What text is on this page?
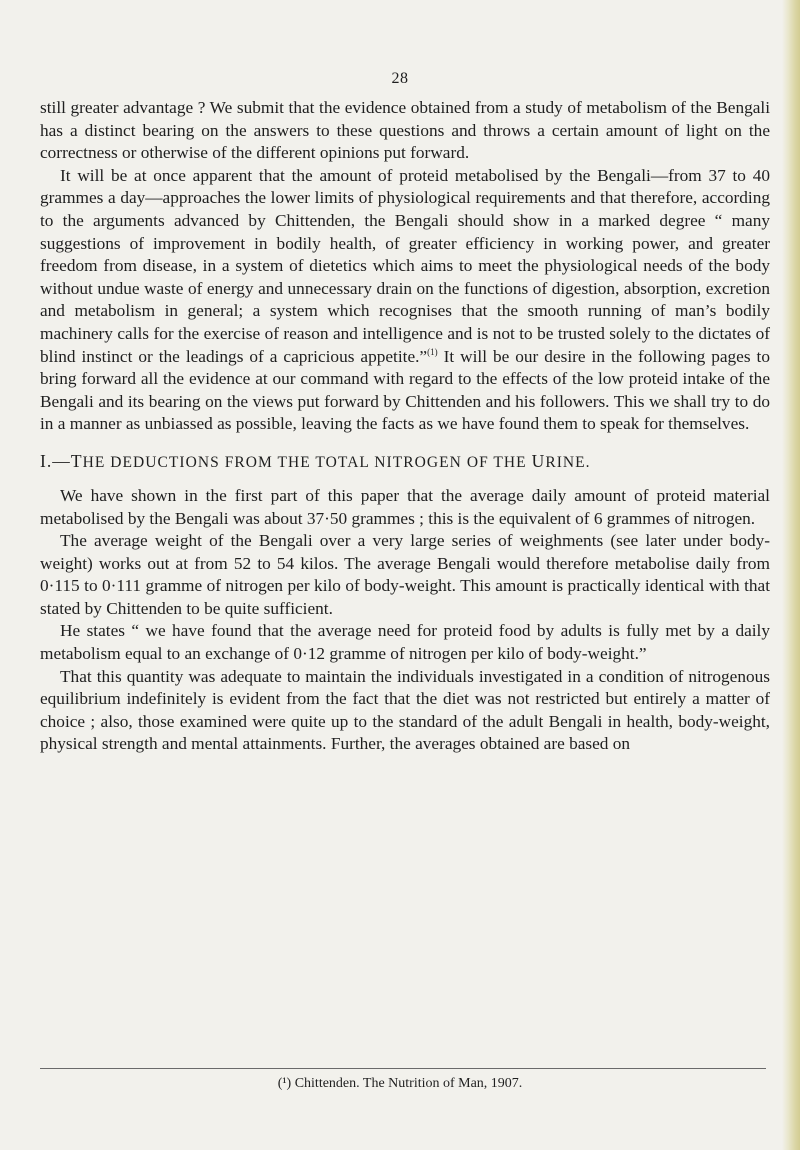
28

still greater advantage ? We submit that the evidence obtained from a study of metabolism of the Bengali has a distinct bearing on the answers to these questions and throws a certain amount of light on the correctness or otherwise of the different opinions put forward.

It will be at once apparent that the amount of proteid metabolised by the Bengali—from 37 to 40 grammes a day—approaches the lower limits of physiological requirements and that therefore, according to the arguments advanced by Chittenden, the Bengali should show in a marked degree “ many suggestions of improvement in bodily health, of greater efficiency in working power, and greater freedom from disease, in a system of dietetics which aims to meet the physiological needs of the body without undue waste of energy and unnecessary drain on the functions of digestion, absorption, excretion and metabolism in general; a system which recognises that the smooth running of man’s bodily machinery calls for the exercise of reason and intelligence and is not to be trusted solely to the dictates of blind instinct or the leadings of a capricious appetite.”$^{(1)}$ It will be our desire in the following pages to bring forward all the evidence at our command with regard to the effects of the low proteid intake of the Bengali and its bearing on the views put forward by Chittenden and his followers. This we shall try to do in a manner as unbiassed as possible, leaving the facts as we have found them to speak for themselves.

I.—THE DEDUCTIONS FROM THE TOTAL NITROGEN OF THE URINE.

We have shown in the first part of this paper that the average daily amount of proteid material metabolised by the Bengali was about 37·50 grammes ; this is the equivalent of 6 grammes of nitrogen.

The average weight of the Bengali over a very large series of weighments (see later under body-weight) works out at from 52 to 54 kilos. The average Bengali would therefore metabolise daily from 0·115 to 0·111 gramme of nitrogen per kilo of body-weight. This amount is practically identical with that stated by Chittenden to be quite sufficient.

He states “ we have found that the average need for proteid food by adults is fully met by a daily metabolism equal to an exchange of 0·12 gramme of nitrogen per kilo of body-weight.”

That this quantity was adequate to maintain the individuals investigated in a condition of nitrogenous equilibrium indefinitely is evident from the fact that the diet was not restricted but entirely a matter of choice ; also, those examined were quite up to the standard of the adult Bengali in health, body-weight, physical strength and mental attainments. Further, the averages obtained are based on

(¹) Chittenden. The Nutrition of Man, 1907.
